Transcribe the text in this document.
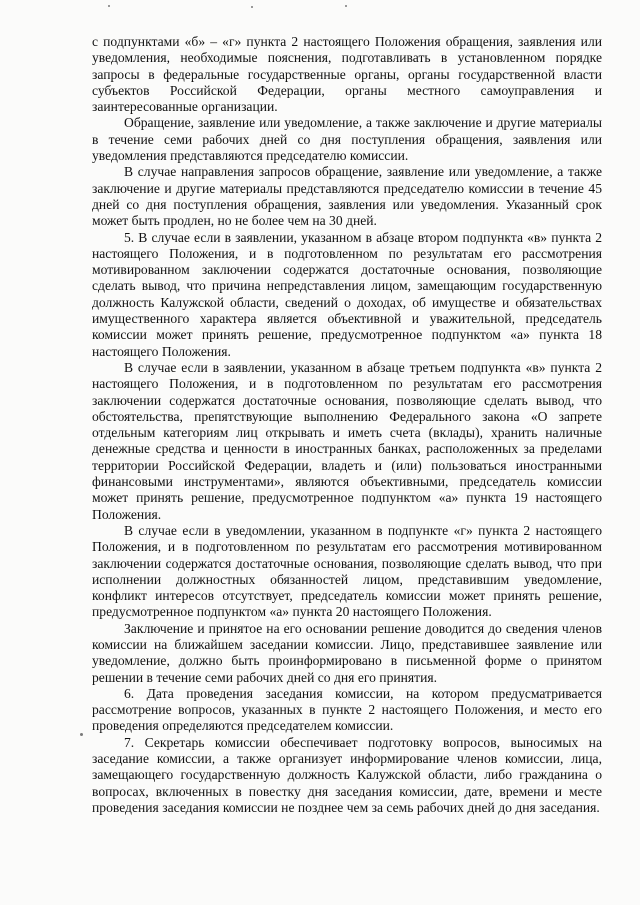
с подпунктами «б» – «г» пункта 2 настоящего Положения обращения, заявления или уведомления, необходимые пояснения, подготавливать в установленном порядке запросы в федеральные государственные органы, органы государственной власти субъектов Российской Федерации, органы местного самоуправления и заинтересованные организации.

Обращение, заявление или уведомление, а также заключение и другие материалы в течение семи рабочих дней со дня поступления обращения, заявления или уведомления представляются председателю комиссии.

В случае направления запросов обращение, заявление или уведомление, а также заключение и другие материалы представляются председателю комиссии в течение 45 дней со дня поступления обращения, заявления или уведомления. Указанный срок может быть продлен, но не более чем на 30 дней.

5. В случае если в заявлении, указанном в абзаце втором подпункта «в» пункта 2 настоящего Положения, и в подготовленном по результатам его рассмотрения мотивированном заключении содержатся достаточные основания, позволяющие сделать вывод, что причина непредставления лицом, замещающим государственную должность Калужской области, сведений о доходах, об имуществе и обязательствах имущественного характера является объективной и уважительной, председатель комиссии может принять решение, предусмотренное подпунктом «а» пункта 18 настоящего Положения.

В случае если в заявлении, указанном в абзаце третьем подпункта «в» пункта 2 настоящего Положения, и в подготовленном по результатам его рассмотрения заключении содержатся достаточные основания, позволяющие сделать вывод, что обстоятельства, препятствующие выполнению Федерального закона «О запрете отдельным категориям лиц открывать и иметь счета (вклады), хранить наличные денежные средства и ценности в иностранных банках, расположенных за пределами территории Российской Федерации, владеть и (или) пользоваться иностранными финансовыми инструментами», являются объективными, председатель комиссии может принять решение, предусмотренное подпунктом «а» пункта 19 настоящего Положения.

В случае если в уведомлении, указанном в подпункте «г» пункта 2 настоящего Положения, и в подготовленном по результатам его рассмотрения мотивированном заключении содержатся достаточные основания, позволяющие сделать вывод, что при исполнении должностных обязанностей лицом, представившим уведомление, конфликт интересов отсутствует, председатель комиссии может принять решение, предусмотренное подпунктом «а» пункта 20 настоящего Положения.

Заключение и принятое на его основании решение доводится до сведения членов комиссии на ближайшем заседании комиссии. Лицо, представившее заявление или уведомление, должно быть проинформировано в письменной форме о принятом решении в течение семи рабочих дней со дня его принятия.

6. Дата проведения заседания комиссии, на котором предусматривается рассмотрение вопросов, указанных в пункте 2 настоящего Положения, и место его проведения определяются председателем комиссии.

7. Секретарь комиссии обеспечивает подготовку вопросов, выносимых на заседание комиссии, а также организует информирование членов комиссии, лица, замещающего государственную должность Калужской области, либо гражданина о вопросах, включенных в повестку дня заседания комиссии, дате, времени и месте проведения заседания комиссии не позднее чем за семь рабочих дней до дня заседания.
